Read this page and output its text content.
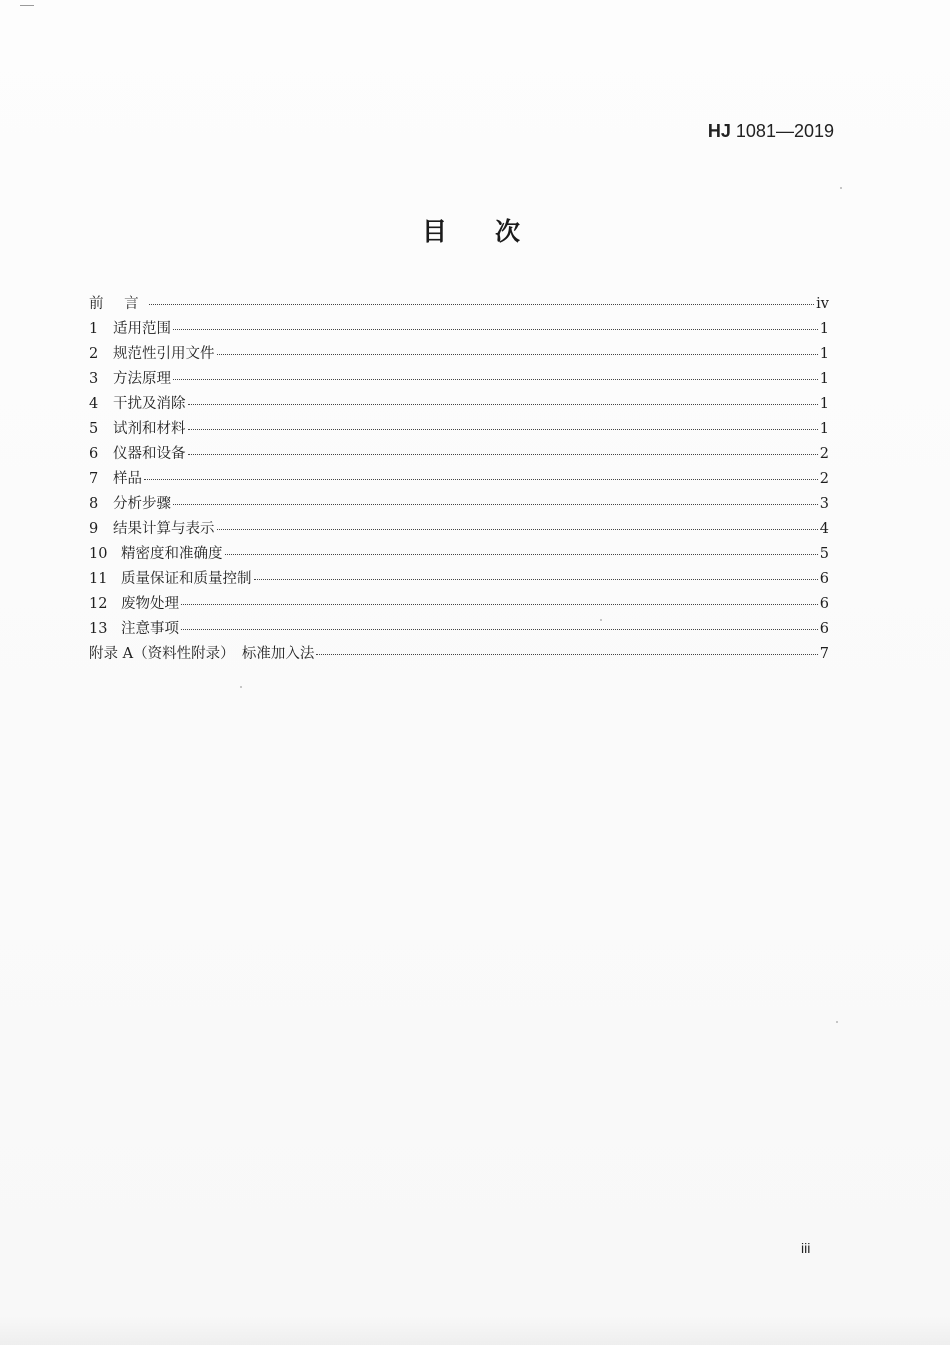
HJ 1081—2019
目次
前 言	iv
1	适用范围	1
2	规范性引用文件	1
3	方法原理	1
4	干扰及消除	1
5	试剂和材料	1
6	仪器和设备	2
7	样品	2
8	分析步骤	3
9	结果计算与表示	4
10 精密度和准确度	5
11 质量保证和质量控制	6
12 废物处理	6
13 注意事项	6
附录 A（资料性附录）　标准加入法	7
iii
